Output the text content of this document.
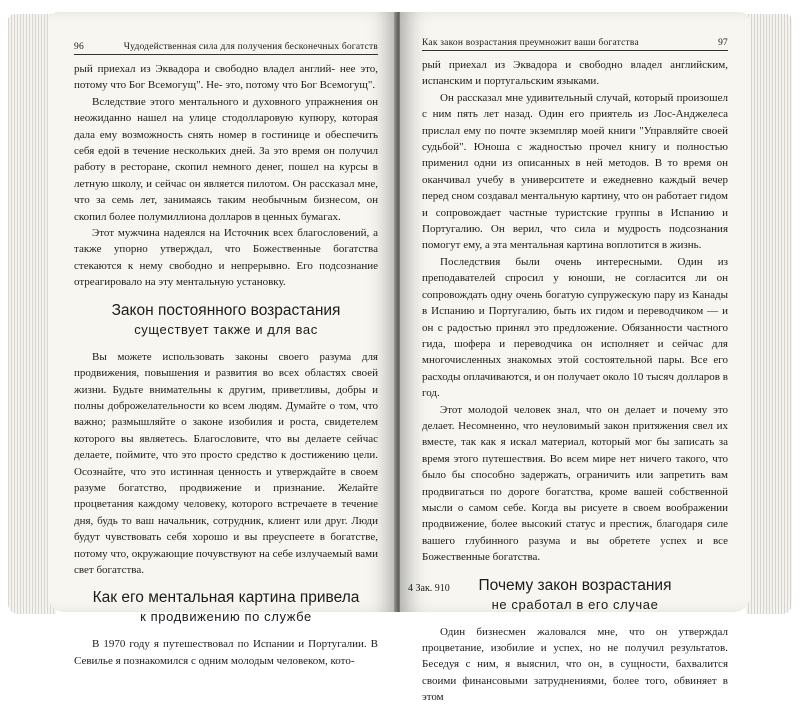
96	Чудодейственная сила для получения бесконечных богатств

рый приехал из Эквадора и свободно владел англий- нее это, потому что Бог Всемогущ". Не- это, потому что Бог Всемогущ".

Вследствие этого ментального и духовного упражнения он неожиданно нашел на улице стодолларовую купюру, которая дала ему возможность снять номер в гостинице и обеспечить себя едой в течение нескольких дней. За это время он получил работу в ресторане, скопил немного денег, пошел на курсы в летную школу, и сейчас он является пилотом. Он рассказал мне, что за семь лет, занимаясь таким необычным бизнесом, он скопил более полумиллиона долларов в ценных бумагах.

Этот мужчина надеялся на Источник всех благословений, а также упорно утверждал, что Божественные богатства стекаются к нему свободно и непрерывно. Его подсознание отреагировало на эту ментальную установку.

Закон постоянного возрастания
существует также и для вас

Вы можете использовать законы своего разума для продвижения, повышения и развития во всех областях своей жизни. Будьте внимательны к другим, приветливы, добры и полны доброжелательности ко всем людям. Думайте о том, что важно; размышляйте о законе изобилия и роста, свидетелем которого вы являетесь. Благословите, что вы делаете сейчас делаете, поймите, что это просто средство к достижению цели. Осознайте, что это истинная ценность и утверждайте в своем разуме богатство, продвижение и признание. Желайте процветания каждому человеку, которого встречаете в течение дня, будь то ваш начальник, сотрудник, клиент или друг. Люди будут чувствовать себя хорошо и вы преуспеете в богатстве, потому что, окружающие почувствуют на себе излучаемый вами свет богатства.

Как его ментальная картина привела
к продвижению по службе

В 1970 году я путешествовал по Испании и Португалии. В Севилье я познакомился с одним молодым человеком, кото-

Как закон возрастания преумножит ваши богатства	97

рый приехал из Эквадора и свободно владел английским, испанским и португальским языками.

Он рассказал мне удивительный случай, который произошел с ним пять лет назад. Один его приятель из Лос-Анджелеса прислал ему по почте экземпляр моей книги "Управляйте своей судьбой". Юноша с жадностью прочел книгу и полностью применил одни из описанных в ней методов. В то время он оканчивал учебу в университете и ежедневно каждый вечер перед сном создавал ментальную картину, что он работает гидом и сопровождает частные туристские группы в Испанию и Португалию. Он верил, что сила и мудрость подсознания помогут ему, а эта ментальная картина воплотится в жизнь.

Последствия были очень интересными. Один из преподавателей спросил у юноши, не согласится ли он сопровождать одну очень богатую супружескую пару из Канады в Испанию и Португалию, быть их гидом и переводчиком — и он с радостью принял это предложение. Обязанности частного гида, шофера и переводчика он исполняет и сейчас для многочисленных знакомых этой состоятельной пары. Все его расходы оплачиваются, и он получает около 10 тысяч долларов в год.

Этот молодой человек знал, что он делает и почему это делает. Несомненно, что неуловимый закон притяжения свел их вместе, так как я искал материал, который мог бы записать за время этого путешествия. Во всем мире нет ничего такого, что было бы способно задержать, ограничить или запретить вам продвигаться по дороге богатства, кроме вашей собственной мысли о самом себе. Когда вы рисуете в своем воображении продвижение, более высокий статус и престиж, благодаря силе вашего глубинного разума и вы обретете успех и все Божественные богатства.

Почему закон возрастания
не сработал в его случае

Один бизнесмен жаловался мне, что он утверждал процветание, изобилие и успех, но не получил результатов. Беседуя с ним, я выяснил, что он, в сущности, бахвалится своими финансовыми затруднениями, более того, обвиняет в этом

4 Зак. 910
